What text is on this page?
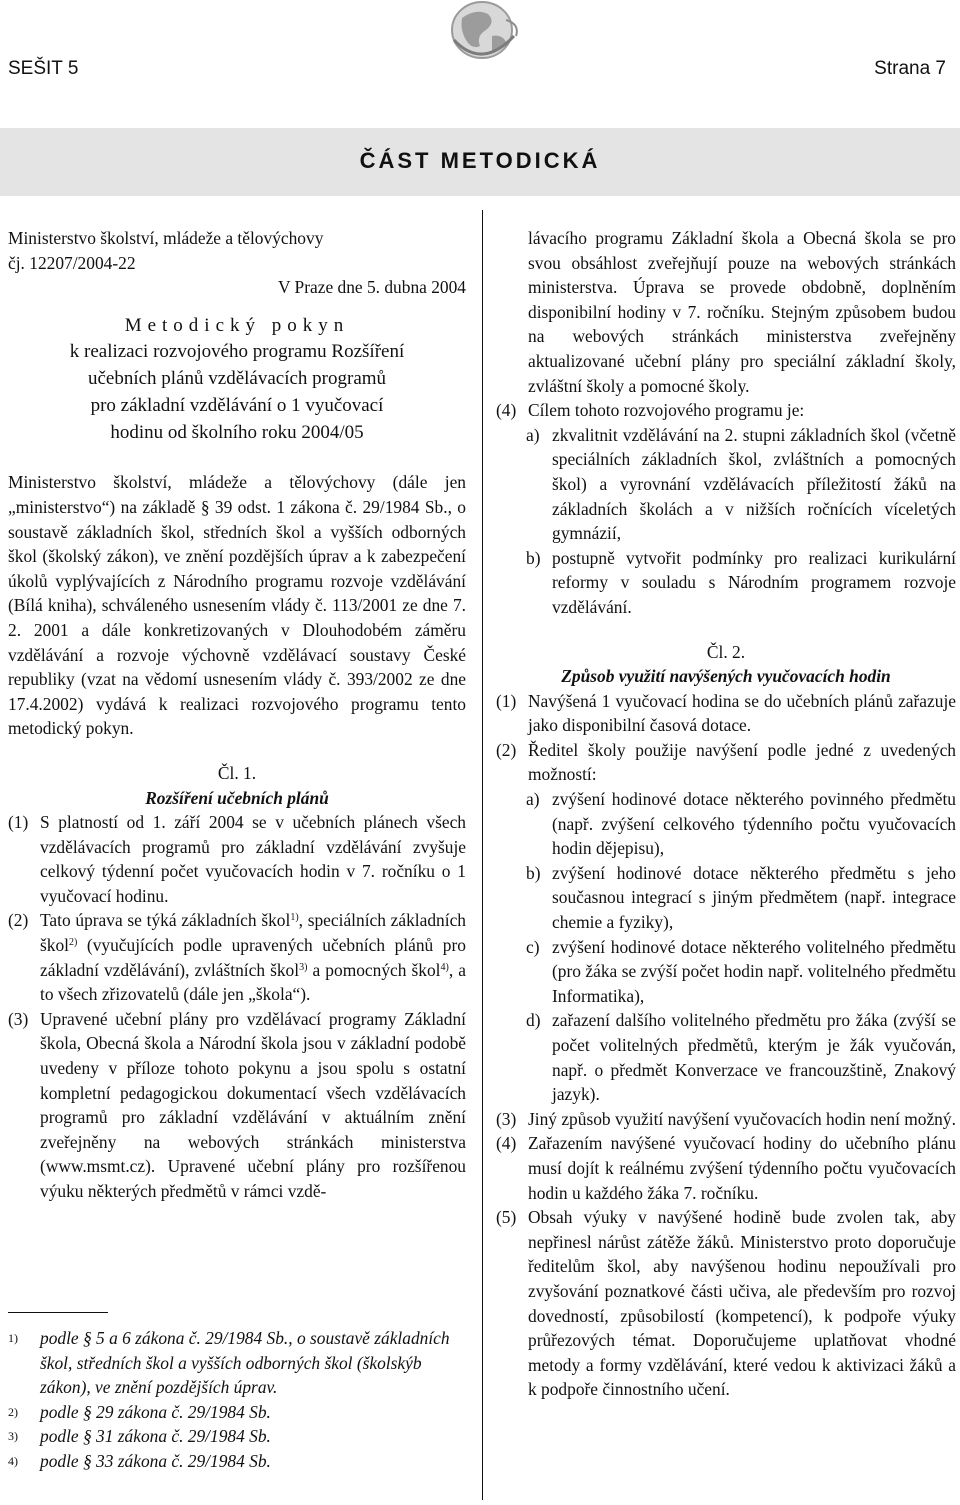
SEŠIT 5	Strana 7
ČÁST METODICKÁ
Ministerstvo školství, mládeže a tělovýchovy
čj. 12207/2004-22
V Praze dne 5. dubna 2004
Metodický pokyn
k realizaci rozvojového programu Rozšíření
učebních plánů vzdělávacích programů
pro základní vzdělávání o 1 vyučovací
hodinu od školního roku 2004/05
Ministerstvo školství, mládeže a tělovýchovy (dále jen „ministerstvo“) na základě § 39 odst. 1 zákona č. 29/1984 Sb., o soustavě základních škol, středních škol a vyšších odborných škol (školský zákon), ve znění pozdějších úprav a k zabezpečení úkolů vyplývajících z Národního programu rozvoje vzdělávání (Bílá kniha), schváleného usnesením vlády č. 113/2001 ze dne 7. 2. 2001 a dále konkretizovaných v Dlouhodobém záměru vzdělávání a rozvoje výchovně vzdělávací soustavy České republiky (vzat na vědomí usnesením vlády č. 393/2002 ze dne 17.4.2002) vydává k realizaci rozvojového programu tento metodický pokyn.
Čl. 1.
Rozšíření učebních plánů
(1) S platností od 1. září 2004 se v učebních plánech všech vzdělávacích programů pro základní vzdělávání zvyšuje celkový týdenní počet vyučovacích hodin v 7. ročníku o 1 vyučovací hodinu.
(2) Tato úprava se týká základních škol$^{1)}$, speciálních základních škol$^{2)}$ (vyučujících podle upravených učebních plánů pro základní vzdělávání), zvláštních škol$^{3)}$ a pomocných škol$^{4)}$, a to všech zřizovatelů (dále jen „škola“).
(3) Upravené učební plány pro vzdělávací programy Základní škola, Obecná škola a Národní škola jsou v základní podobě uvedeny v příloze tohoto pokynu a jsou spolu s ostatní kompletní pedagogickou dokumentací všech vzdělávacích programů pro základní vzdělávání v aktuálním znění zveřejněny na webových stránkách ministerstva (www.msmt.cz). Upravené učební plány pro rozšířenou výuku některých předmětů v rámci vzdě-
1) podle § 5 a 6 zákona č. 29/1984 Sb., o soustavě základních škol, středních škol a vyšších odborných škol (školskýb zákon), ve znění pozdějších úprav.
2) podle § 29 zákona č. 29/1984 Sb.
3) podle § 31 zákona č. 29/1984 Sb.
4) podle § 33 zákona č. 29/1984 Sb.
lávacího programu Základní škola a Obecná škola se pro svou obsáhlost zveřejňují pouze na webových stránkách ministerstva. Úprava se provede obdobně, doplněním disponibilní hodiny v 7. ročníku. Stejným způsobem budou na webových stránkách ministerstva zveřejněny aktualizované učební plány pro speciální základní školy, zvláštní školy a pomocné školy.
(4) Cílem tohoto rozvojového programu je:
a) zkvalitnit vzdělávání na 2. stupni základních škol (včetně speciálních základních škol, zvláštních a pomocných škol) a vyrovnání vzdělávacích příležitostí žáků na základních školách a v nižších ročnících víceletých gymnázií,
b) postupně vytvořit podmínky pro realizaci kurikulární reformy v souladu s Národním programem rozvoje vzdělávání.
Čl. 2.
Způsob využití navýšených vyučovacích hodin
(1) Navýšená 1 vyučovací hodina se do učebních plánů zařazuje jako disponibilní časová dotace.
(2) Ředitel školy použije navýšení podle jedné z uvedených možností:
a) zvýšení hodinové dotace některého povinného předmětu (např. zvýšení celkového týdenního počtu vyučovacích hodin dějepisu),
b) zvýšení hodinové dotace některého předmětu s jeho současnou integrací s jiným předmětem (např. integrace chemie a fyziky),
c) zvýšení hodinové dotace některého volitelného předmětu (pro žáka se zvýší počet hodin např. volitelného předmětu Informatika),
d) zařazení dalšího volitelného předmětu pro žáka (zvýší se počet volitelných předmětů, kterým je žák vyučován, např. o předmět Konverzace ve francouzštině, Znakový jazyk).
(3) Jiný způsob využití navýšení vyučovacích hodin není možný.
(4) Zařazením navýšené vyučovací hodiny do učebního plánu musí dojít k reálnému zvýšení týdenního počtu vyučovacích hodin u každého žáka 7. ročníku.
(5) Obsah výuky v navýšené hodině bude zvolen tak, aby nepřinesl nárůst zátěže žáků. Ministerstvo proto doporučuje ředitelům škol, aby navýšenou hodinu nepoužívali pro zvyšování poznatkové části učiva, ale především pro rozvoj dovedností, způsobilostí (kompetencí), k podpoře výuky průřezových témat. Doporučujeme uplatňovat vhodné metody a formy vzdělávání, které vedou k aktivizaci žáků a k podpoře činnostního učení.
